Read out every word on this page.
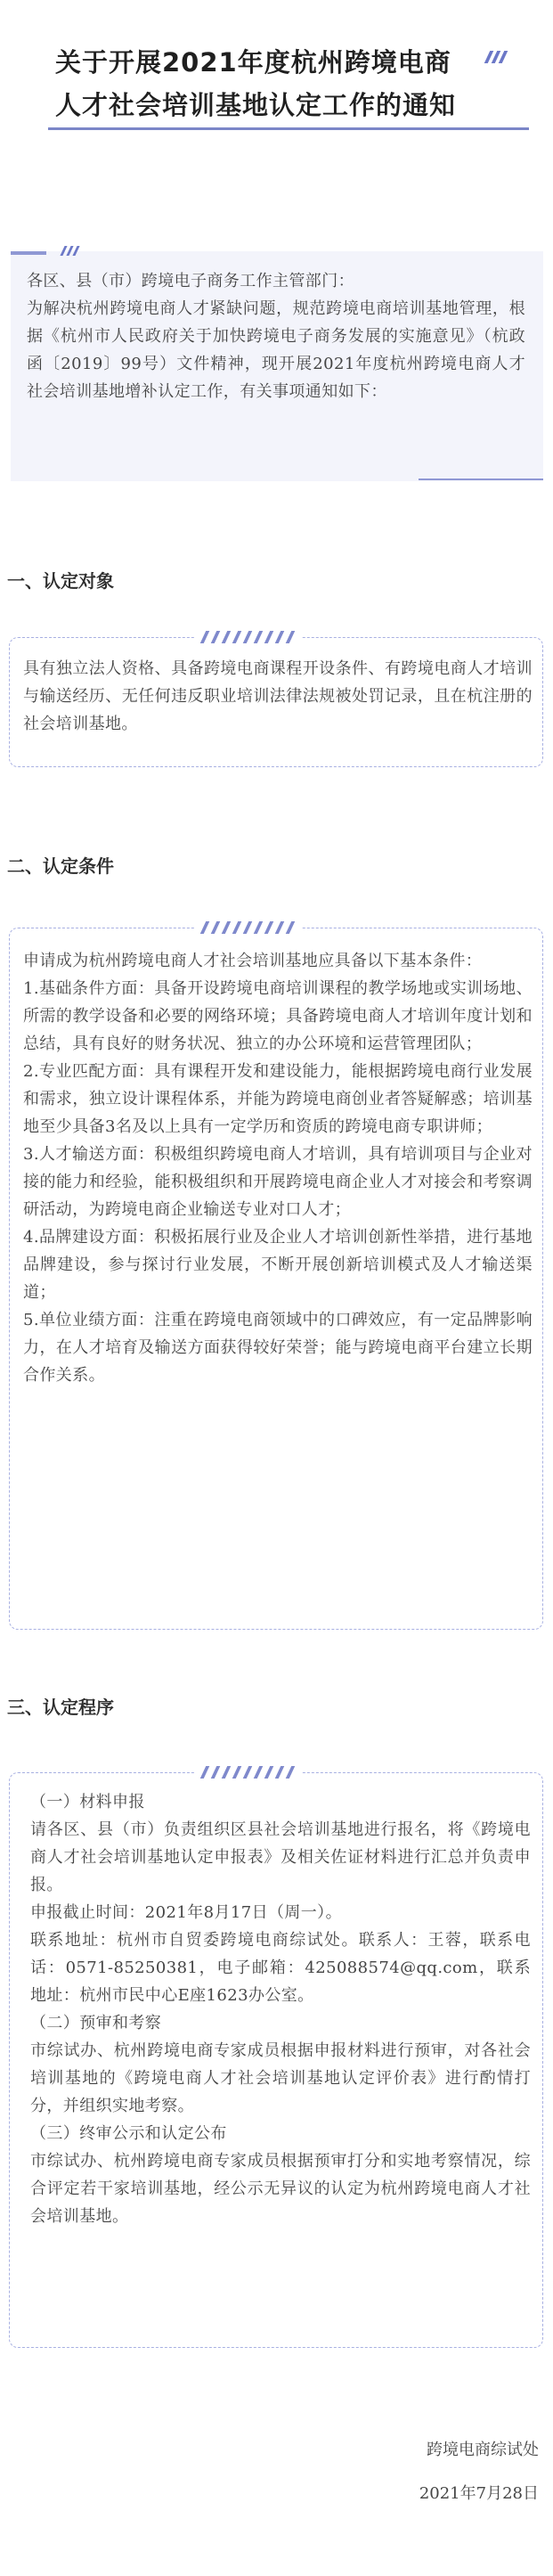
关于开展2021年度杭州跨境电商
人才社会培训基地认定工作的通知
各区、县（市）跨境电子商务工作主管部门：
为解决杭州跨境电商人才紧缺问题，规范跨境电商培训基地管理，根据《杭州市人民政府关于加快跨境电子商务发展的实施意见》（杭政函〔2019〕99号）文件精神，现开展2021年度杭州跨境电商人才社会培训基地增补认定工作，有关事项通知如下：
一、认定对象
具有独立法人资格、具备跨境电商课程开设条件、有跨境电商人才培训与输送经历、无任何违反职业培训法律法规被处罚记录，且在杭注册的社会培训基地。
二、认定条件
申请成为杭州跨境电商人才社会培训基地应具备以下基本条件：
1.基础条件方面：具备开设跨境电商培训课程的教学场地或实训场地、所需的教学设备和必要的网络环境；具备跨境电商人才培训年度计划和总结，具有良好的财务状况、独立的办公环境和运营管理团队；
2.专业匹配方面：具有课程开发和建设能力，能根据跨境电商行业发展和需求，独立设计课程体系，并能为跨境电商创业者答疑解惑；培训基地至少具备3名及以上具有一定学历和资质的跨境电商专职讲师；
3.人才输送方面：积极组织跨境电商人才培训，具有培训项目与企业对接的能力和经验，能积极组织和开展跨境电商企业人才对接会和考察调研活动，为跨境电商企业输送专业对口人才；
4.品牌建设方面：积极拓展行业及企业人才培训创新性举措，进行基地品牌建设，参与探讨行业发展，不断开展创新培训模式及人才输送渠道；
5.单位业绩方面：注重在跨境电商领域中的口碑效应，有一定品牌影响力，在人才培育及输送方面获得较好荣誉；能与跨境电商平台建立长期合作关系。
三、认定程序
（一）材料申报
请各区、县（市）负责组织区县社会培训基地进行报名，将《跨境电商人才社会培训基地认定申报表》及相关佐证材料进行汇总并负责申报。
申报截止时间：2021年8月17日（周一）。
联系地址：杭州市自贸委跨境电商综试处。联系人：王蓉，联系电话：0571-85250381，电子邮箱：425088574@qq.com，联系地址：杭州市民中心E座1623办公室。
（二）预审和考察
市综试办、杭州跨境电商专家成员根据申报材料进行预审，对各社会培训基地的《跨境电商人才社会培训基地认定评价表》进行酌情打分，并组织实地考察。
（三）终审公示和认定公布
市综试办、杭州跨境电商专家成员根据预审打分和实地考察情况，综合评定若干家培训基地，经公示无异议的认定为杭州跨境电商人才社会培训基地。
跨境电商综试处
2021年7月28日
